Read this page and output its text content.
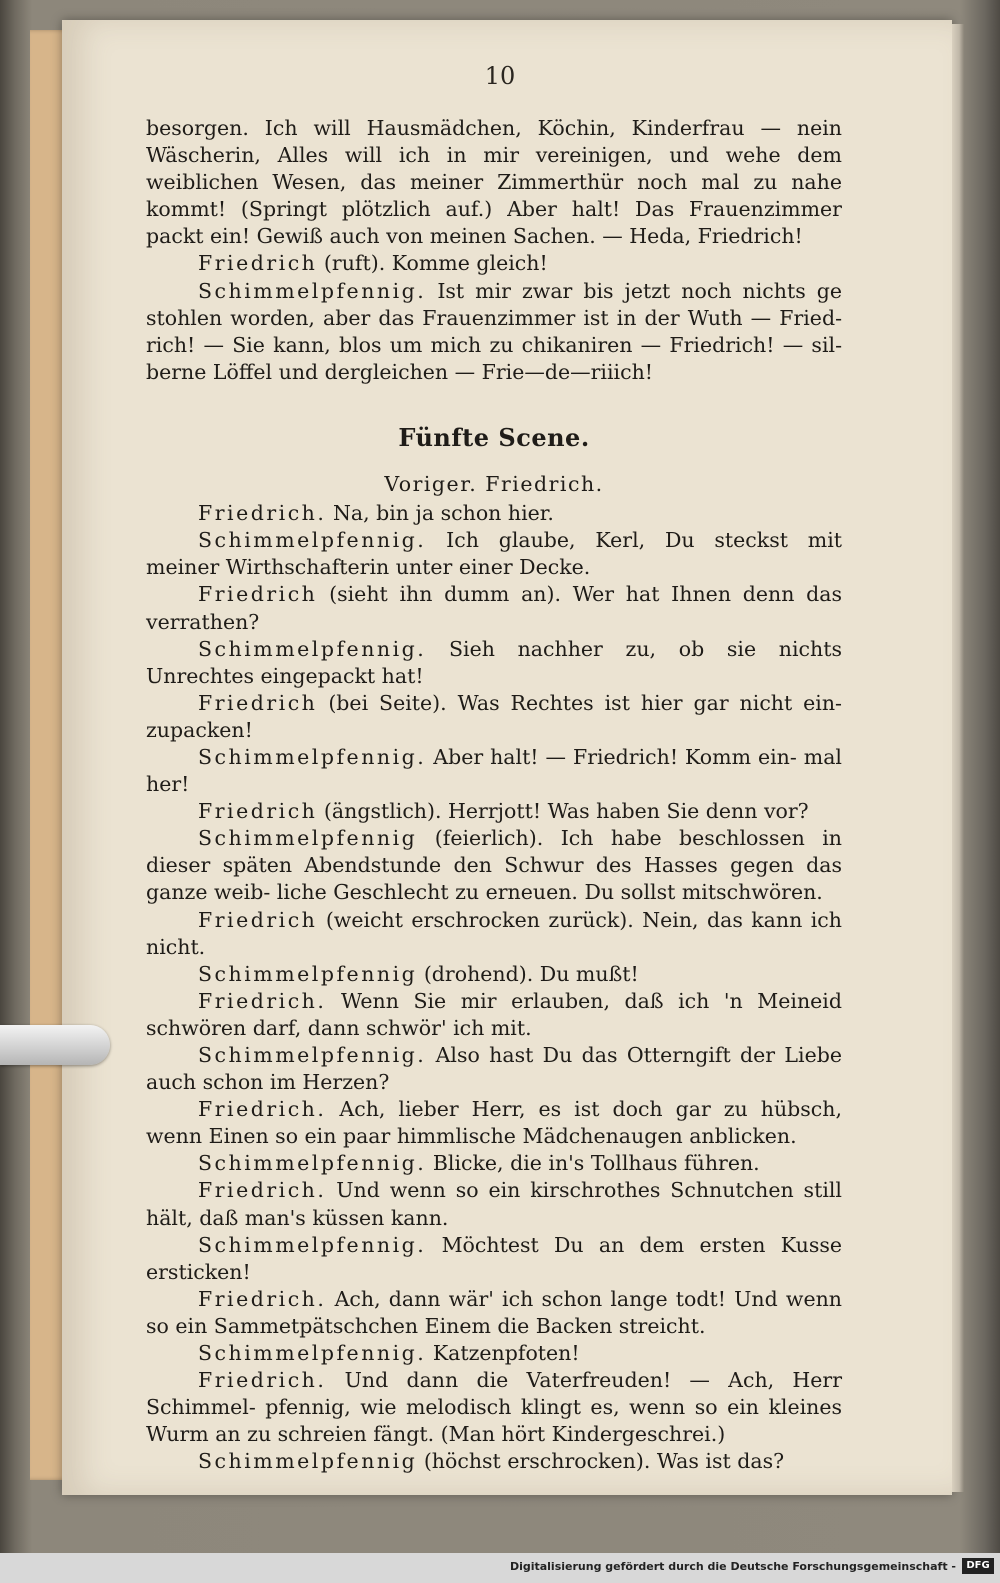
10

besorgen. Ich will Hausmädchen, Köchin, Kinderfrau — nein Wäscherin, Alles will ich in mir vereinigen, und wehe dem weiblichen Wesen, das meiner Zimmerthür noch mal zu nahe kommt! (Springt plötzlich auf.) Aber halt! Das Frauenzimmer packt ein! Gewiß auch von meinen Sachen. — Heda, Friedrich!

Friedrich (ruft). Komme gleich!

Schimmelpfennig. Ist mir zwar bis jetzt noch nichts ge stohlen worden, aber das Frauenzimmer ist in der Wuth — Fried- rich! — Sie kann, blos um mich zu chikaniren — Friedrich! — sil- berne Löffel und dergleichen — Frie—de—riiich!

Fünfte Scene.
Voriger. Friedrich.

Friedrich. Na, bin ja schon hier.

Schimmelpfennig. Ich glaube, Kerl, Du steckst mit meiner Wirthschafterin unter einer Decke.

Friedrich (sieht ihn dumm an). Wer hat Ihnen denn das verrathen?

Schimmelpfennig. Sieh nachher zu, ob sie nichts Unrechtes eingepackt hat!

Friedrich (bei Seite). Was Rechtes ist hier gar nicht ein- zupacken!

Schimmelpfennig. Aber halt! — Friedrich! Komm ein- mal her!

Friedrich (ängstlich). Herrjott! Was haben Sie denn vor?

Schimmelpfennig (feierlich). Ich habe beschlossen in dieser späten Abendstunde den Schwur des Hasses gegen das ganze weib- liche Geschlecht zu erneuen. Du sollst mitschwören.

Friedrich (weicht erschrocken zurück). Nein, das kann ich nicht.

Schimmelpfennig (drohend). Du mußt!

Friedrich. Wenn Sie mir erlauben, daß ich 'n Meineid schwören darf, dann schwör' ich mit.

Schimmelpfennig. Also hast Du das Otterngift der Liebe auch schon im Herzen?

Friedrich. Ach, lieber Herr, es ist doch gar zu hübsch, wenn Einen so ein paar himmlische Mädchenaugen anblicken.

Schimmelpfennig. Blicke, die in's Tollhaus führen.

Friedrich. Und wenn so ein kirschrothes Schnutchen still hält, daß man's küssen kann.

Schimmelpfennig. Möchtest Du an dem ersten Kusse ersticken!

Friedrich. Ach, dann wär' ich schon lange todt! Und wenn so ein Sammetpätschchen Einem die Backen streicht.

Schimmelpfennig. Katzenpfoten!

Friedrich. Und dann die Vaterfreuden! — Ach, Herr Schimmel- pfennig, wie melodisch klingt es, wenn so ein kleines Wurm an zu schreien fängt. (Man hört Kindergeschrei.)

Schimmelpfennig (höchst erschrocken). Was ist das?

Digitalisierung gefördert durch die Deutsche Forschungsgemeinschaft -	DFG
